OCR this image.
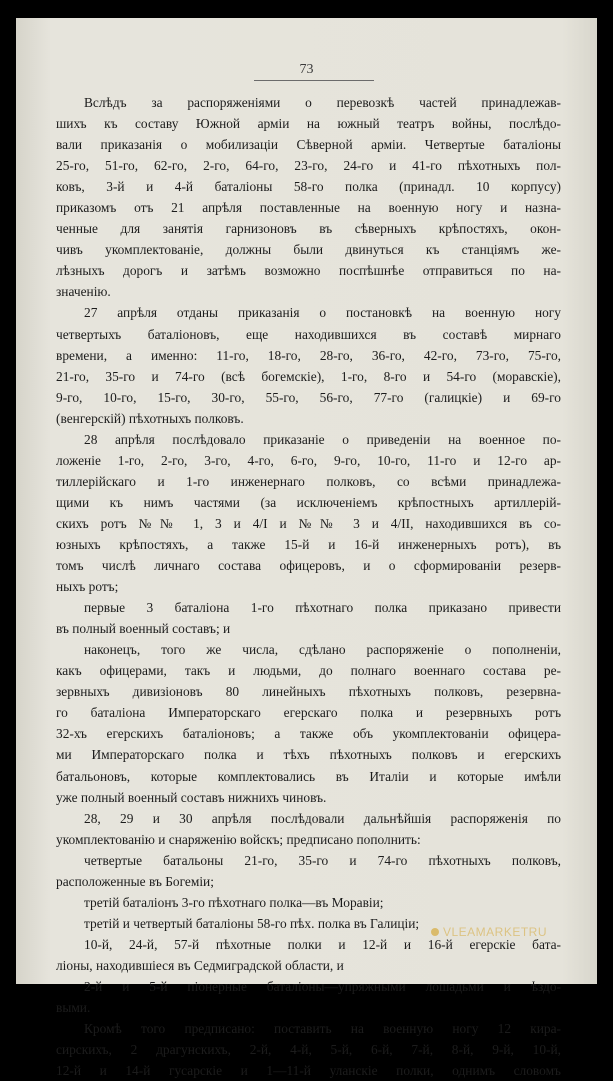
73
Вслѣдъ за распоряженіями о перевозкѣ частей принадлежав-
шихъ къ составу Южной арміи на южный театръ войны, послѣдо-
вали приказанія о мобилизаціи Сѣверной арміи. Четвертые баталіоны
25-го, 51-го, 62-го, 2-го, 64-го, 23-го, 24-го и 41-го пѣхотныхъ пол-
ковъ, 3-й и 4-й баталіоны 58-го полка (принадл. 10 корпусу)
приказомъ отъ 21 апрѣля поставленные на военную ногу и назна-
ченные для занятія гарнизоновъ въ сѣверныхъ крѣпостяхъ, окон-
чивъ укомплектованіе, должны были двинуться къ станціямъ же-
лѣзныхъ дорогъ и затѣмъ возможно поспѣшнѣе отправиться по на-
значенію.
27 апрѣля отданы приказанія о постановкѣ на военную ногу
четвертыхъ баталіоновъ, еще находившихся въ составѣ мирнаго
времени, а именно: 11-го, 18-го, 28-го, 36-го, 42-го, 73-го, 75-го,
21-го, 35-го и 74-го (всѣ богемскіе), 1-го, 8-го и 54-го (моравскіе),
9-го, 10-го, 15-го, 30-го, 55-го, 56-го, 77-го (галицкіе) и 69-го
(венгерскій) пѣхотныхъ полковъ.
28 апрѣля послѣдовало приказаніе о приведеніи на военное по-
ложеніе 1-го, 2-го, 3-го, 4-го, 6-го, 9-го, 10-го, 11-го и 12-го ар-
тиллерійскаго и 1-го инженернаго полковъ, со всѣми принадлежа-
щими къ нимъ частями (за исключеніемъ крѣпостныхъ артиллерій-
скихъ ротъ №№ 1, 3 и 4/I и №№ 3 и 4/II, находившихся въ со-
юзныхъ крѣпостяхъ, а также 15-й и 16-й инженерныхъ ротъ), въ
томъ числѣ личнаго состава офицеровъ, и о сформированіи резерв-
ныхъ ротъ;
первые 3 баталіона 1-го пѣхотнаго полка приказано привести
въ полный военный составъ; и
наконецъ, того же числа, сдѣлано распоряженіе о пополненіи,
какъ офицерами, такъ и людьми, до полнаго военнаго состава ре-
зервныхъ дивизіоновъ 80 линейныхъ пѣхотныхъ полковъ, резервна-
го баталіона Императорскаго егерскаго полка и резервныхъ ротъ
32-хъ егерскихъ баталіоновъ; а также объ укомплектованіи офицера-
ми Императорскаго полка и тѣхъ пѣхотныхъ полковъ и егерскихъ
батальоновъ, которые комплектовались въ Италіи и которые имѣли
уже полный военный составъ нижнихъ чиновъ.
28, 29 и 30 апрѣля послѣдовали дальнѣйшія распоряженія по
укомплектованію и снаряженію войскъ; предписано пополнить:
четвертые батальоны 21-го, 35-го и 74-го пѣхотныхъ полковъ,
расположенные въ Богеміи;
третій баталіонъ 3-го пѣхотнаго полка—въ Моравіи;
третій и четвертый баталіоны 58-го пѣх. полка въ Галиціи;
10-й, 24-й, 57-й пѣхотные полки и 12-й и 16-й егерскіе бата-
ліоны, находившіеся въ Седмиградской области, и
2-й и 5-й піонерные баталіоны—упряжными лошадьми и ѣздо-
выми.
Кромѣ того предписано: поставить на военную ногу 12 кира-
сирскихъ, 2 драгунскихъ, 2-й, 4-й, 5-й, 6-й, 7-й, 8-й, 9-й, 10-й,
12-й и 14-й гусарскіе и 1—11-й уланскіе полки, однимъ словомъ
VLEAMARKETRU
